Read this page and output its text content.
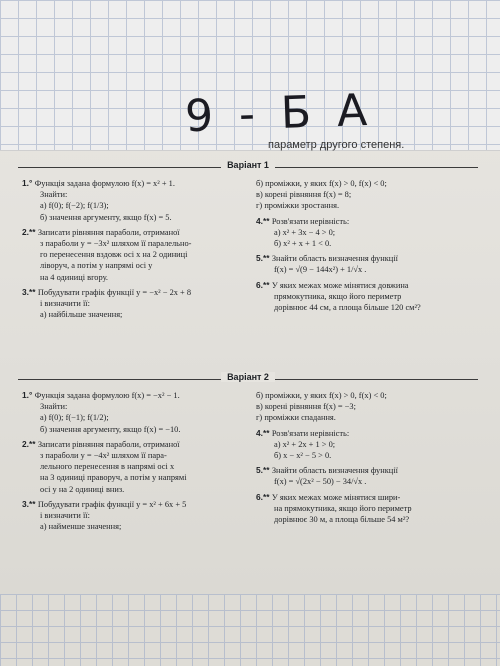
9 - Б А
параметр другого степеня.
Варіант 1

1.° Функція задана формулою f(x) = x² + 1.

Знайти:

а) f(0); f(−2); f(1/3);

б) значення аргументу, якщо f(x) = 5.

2.** Записати рівняння параболи, отриманої

з параболи y = −3x² шляхом її паралельно-

го перенесення вздовж осі x на 2 одиниці

ліворуч, а потім у напрямі осі y

на 4 одиниці вгору.

3.** Побудувати графік функції y = −x² − 2x + 8

і визначити її:

а) найбільше значення;

б) проміжки, у яких f(x) > 0, f(x) < 0;

в) корені рівняння f(x) = 8;

г) проміжки зростання.

4.** Розв'язати нерівність:

а) x² + 3x − 4 > 0;

б) x² + x + 1 < 0.

5.** Знайти область визначення функції

f(x) = √(9 − 144x²) + 1/√x .

6.** У яких межах може мінятися довжина

прямокутника, якщо його периметр

дорівнює 44 см, а площа більше 120 см²?

Варіант 2

1.° Функція задана формулою f(x) = −x² − 1.

Знайти:

а) f(0); f(−1); f(1/2);

б) значення аргументу, якщо f(x) = −10.

2.** Записати рівняння параболи, отриманої

з параболи y = −4x² шляхом її пара-

лельного перенесення в напрямі осі x

на 3 одиниці праворуч, а потім у напрямі

осі y на 2 одиниці вниз.

3.** Побудувати графік функції y = x² + 6x + 5

і визначити її:

а) найменше значення;

б) проміжки, у яких f(x) > 0, f(x) < 0;

в) корені рівняння f(x) = −3;

г) проміжки спадання.

4.** Розв'язати нерівність:

а) x² + 2x + 1 > 0;

б) x − x² − 5 > 0.

5.** Знайти область визначення функції

f(x) = √(2x² − 50) − 34/√x .

6.** У яких межах може мінятися шири-

на прямокутника, якщо його периметр

дорівнює 30 м, а площа більше 54 м²?
